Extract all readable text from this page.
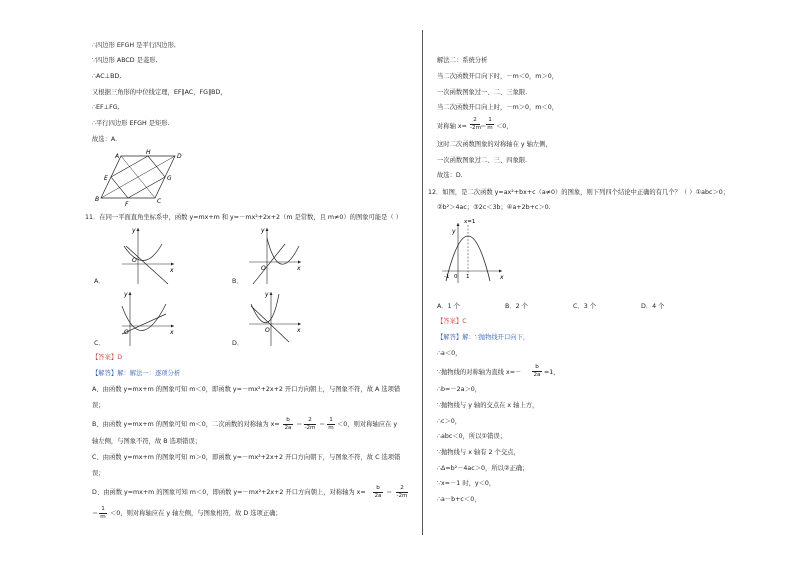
∴四边形 EFGH 是平行四边形,
∵四边形 ABCD 是菱形,
∴AC⊥BD,
又根据三角形的中位线定理，EF∥AC，FG∥BD，
∴EF⊥FG,
∴平行四边形 EFGH 是矩形.
故选：A.
A
H
D
E	G
B
F	C
11．在同一平面直角坐标系中，函数 y=mx+m 和 y=－mx²+2x+2（m 是常数，且 m≠0）的图象可能是（ ）
y
x
O
A．
y
x
O
B．
y
x
O
C．
y
x
O
D．
【答案】D
【解答】解：解法一：逐项分析
A、由函数 y=mx+m 的图象可知 m＜0，即函数 y=－mx²+2x+2 开口方向朝上，与图象不符，故 A 选项错
误；
B、由函数 y=mx+m 的图象可知 m＜0，二次函数的对称轴为 x=
b
2a ＝
2
-2m ＝
1
m ＜0，则对称轴应在 y
轴左侧，与图象不符，故 B 选项错误；
C、由函数 y=mx+m 的图象可知 m＞0，即函数 y=－mx²+2x+2 开口方向朝下，与图象不符，故 C 选项错
误；
D、由函数 y=mx+m 的图象可知 m＜0，即函数 y=－mx²+2x+2 开口方向朝上，对称轴为 x=
b
2a ＝
2
-2m
＝
1
m ＜0，则对称轴应在 y 轴左侧，与图象相符，故 D 选项正确；
解法二：系统分析
当二次函数开口向下时，－m＜0，m＞0，
一次函数图象过一、二、三象限.
当二次函数开口向上时，－m＞0，m＜0，
对称轴 x=
2
-2m
＝
1
m ＜0，
这时二次函数图象的对称轴在 y 轴左侧，
一次函数图象过二、三、四象限.
故选：D.
12．如图，是二次函数 y=ax²+bx+c（a≠0）的图象，则下列四个结论中正确的有几个？（ ）①abc＞0；
②b²＞4ac；③2c＜3b；④a+2b+c＞0.
x=1
y
x
-1 0 1
A．1 个	B．2 个	C．3 个	D．4 个
【答案】C
【解答】解：∵抛物线开口向下，
∴a＜0，
∵抛物线的对称轴为直线 x=－
b
2a =1，
∴b=－2a＞0，
∵抛物线与 y 轴的交点在 x 轴上方，
∴c＞0，
∴abc＜0，所以①错误；
∵抛物线与 x 轴有 2 个交点，
∴Δ=b²－4ac＞0，所以②正确；
∵x=－1 时，y＜0，
∴a－b+c＜0，
